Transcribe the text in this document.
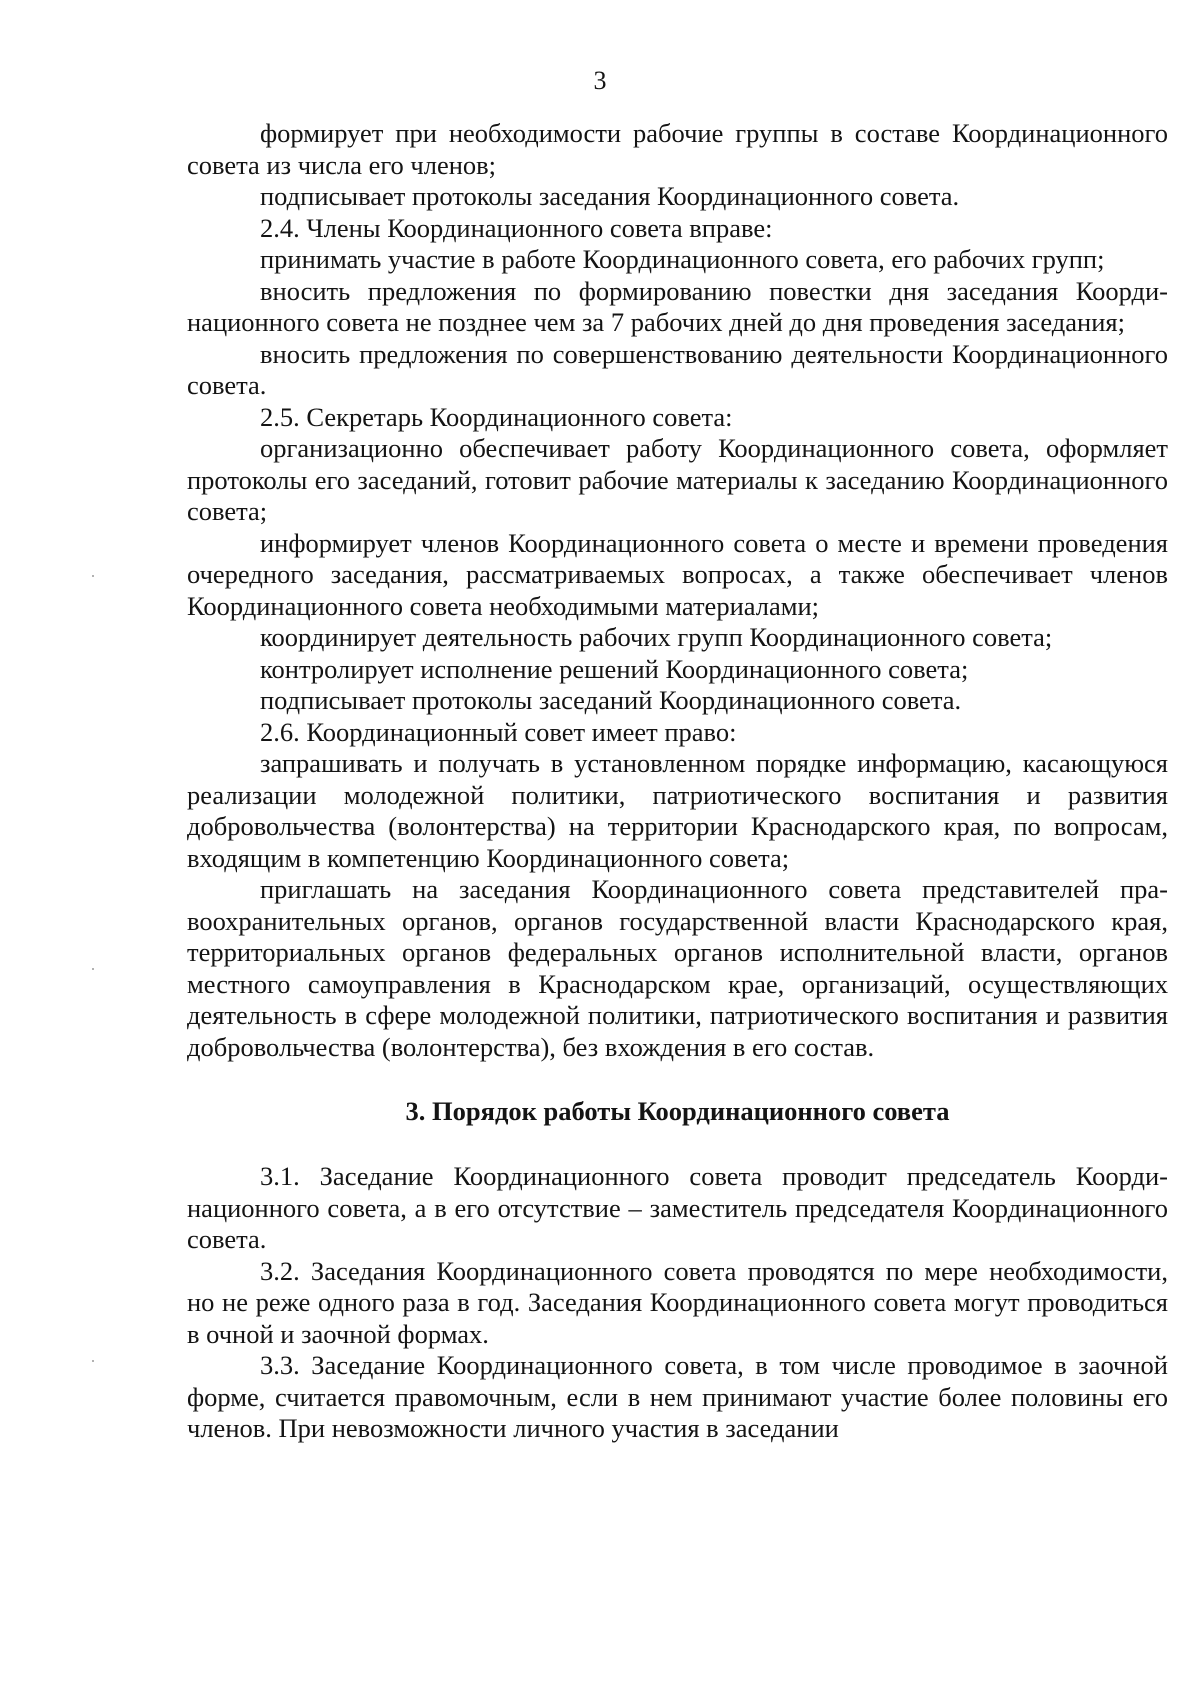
3

формирует при необходимости рабочие группы в составе Координационного совета из числа его членов;

подписывает протоколы заседания Координационного совета.

2.4. Члены Координационного совета вправе:

принимать участие в работе Координационного совета, его рабочих групп;

вносить предложения по формированию повестки дня заседания Координационного совета не позднее чем за 7 рабочих дней до дня проведения заседания;

вносить предложения по совершенствованию деятельности Координационного совета.

2.5. Секретарь Координационного совета:

организационно обеспечивает работу Координационного совета, оформляет протоколы его заседаний, готовит рабочие материалы к заседанию Координационного совета;

информирует членов Координационного совета о месте и времени проведения очередного заседания, рассматриваемых вопросах, а также обеспечивает членов Координационного совета необходимыми материалами;

координирует деятельность рабочих групп Координационного совета;

контролирует исполнение решений Координационного совета;

подписывает протоколы заседаний Координационного совета.

2.6. Координационный совет имеет право:

запрашивать и получать в установленном порядке информацию, касающуюся реализации молодежной политики, патриотического воспитания и развития добровольчества (волонтерства) на территории Краснодарского края, по вопросам, входящим в компетенцию Координационного совета;

приглашать на заседания Координационного совета представителей правоохранительных органов, органов государственной власти Краснодарского края, территориальных органов федеральных органов исполнительной власти, органов местного самоуправления в Краснодарском крае, организаций, осуществляющих деятельность в сфере молодежной политики, патриотического воспитания и развития добровольчества (волонтерства), без вхождения в его состав.

3. Порядок работы Координационного совета

3.1. Заседание Координационного совета проводит председатель Координационного совета, а в его отсутствие – заместитель председателя Координационного совета.

3.2. Заседания Координационного совета проводятся по мере необходимости, но не реже одного раза в год. Заседания Координационного совета могут проводиться в очной и заочной формах.

3.3. Заседание Координационного совета, в том числе проводимое в заочной форме, считается правомочным, если в нем принимают участие более половины его членов. При невозможности личного участия в заседании
